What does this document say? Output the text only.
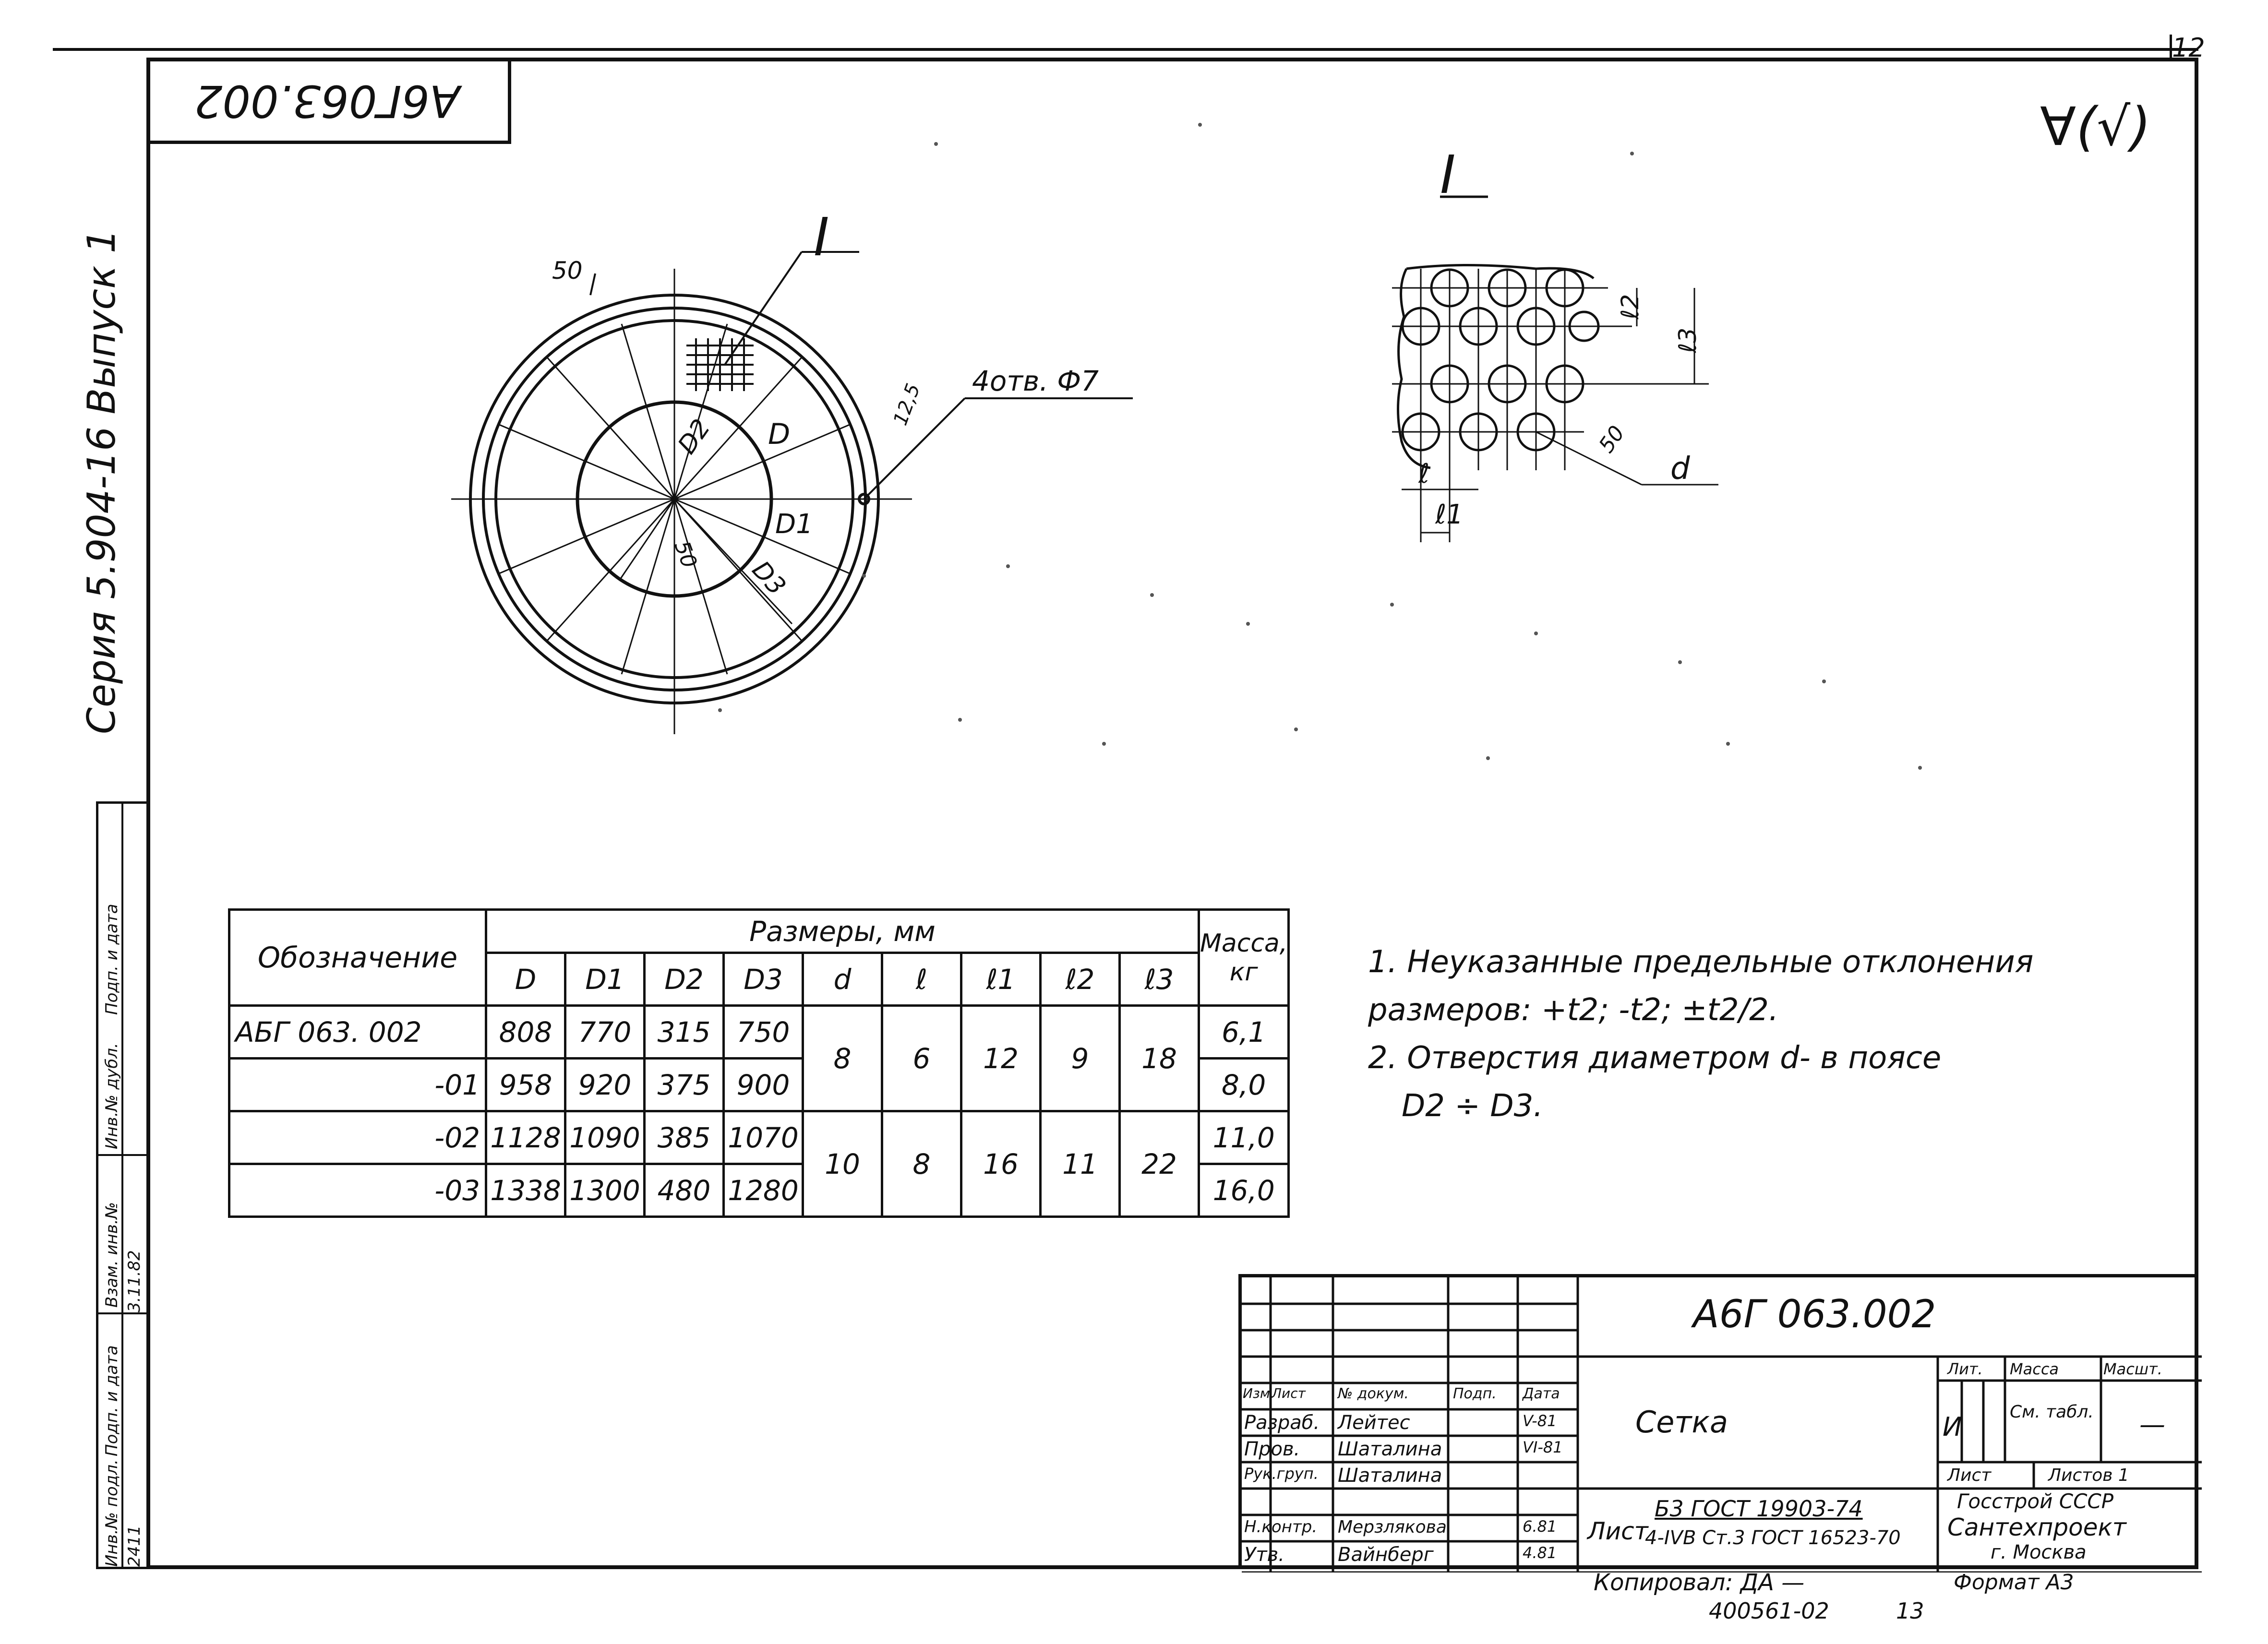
12
А6Г063.002	∀(√)
Серия 5.904-16 Выпуск 1
Подп. и дата
Инв.№ дубл.
Взам. инв.№
Подп. и дата
Инв.№ подл.
3.11.82
2411
I
I
50
12,5 4отв. Ф7
D
D1
D2
D3
50
ℓ2
ℓ3
ℓ
ℓ1
50
d
Обозначение	Размеры, мм									Масса, кг
	D	D1	D2	D3	d	ℓ	ℓ1	ℓ2	ℓ3	
АБГ 063. 002	808	770	315	750	8	6	12	9	18	6,1
-01	958	920	375	900						8,0
-02	1128	1090	385	1070	10	8	16	11	22	11,0
-03	1338	1300	480	1280						16,0
1. Неуказанные предельные отклонения
размеров: +t2; -t2; ±t2/2.
2. Отверстия диаметром d- в поясе
D2 ÷ D3.
А6Г 063.002
Сетка
Изм.
Лист № докум.	Подп. Дата
Разраб. Лейтес	V-81
Пров. Шаталина	VI-81
Рук.груп. Шаталина
Н.контр. Мерзлякова	6.81
Утв.	Вайнберг	4.81
Лист
Б3 ГОСТ 19903-74
4-IVВ Ст.3 ГОСТ 16523-70
Лит.
И
Масса
См. табл.
Масшт.
—
Лист	Листов 1
Госстрой СССР
Сантехпроект
г. Москва
Копировал: ДА —	Формат А3
400561-02	13
